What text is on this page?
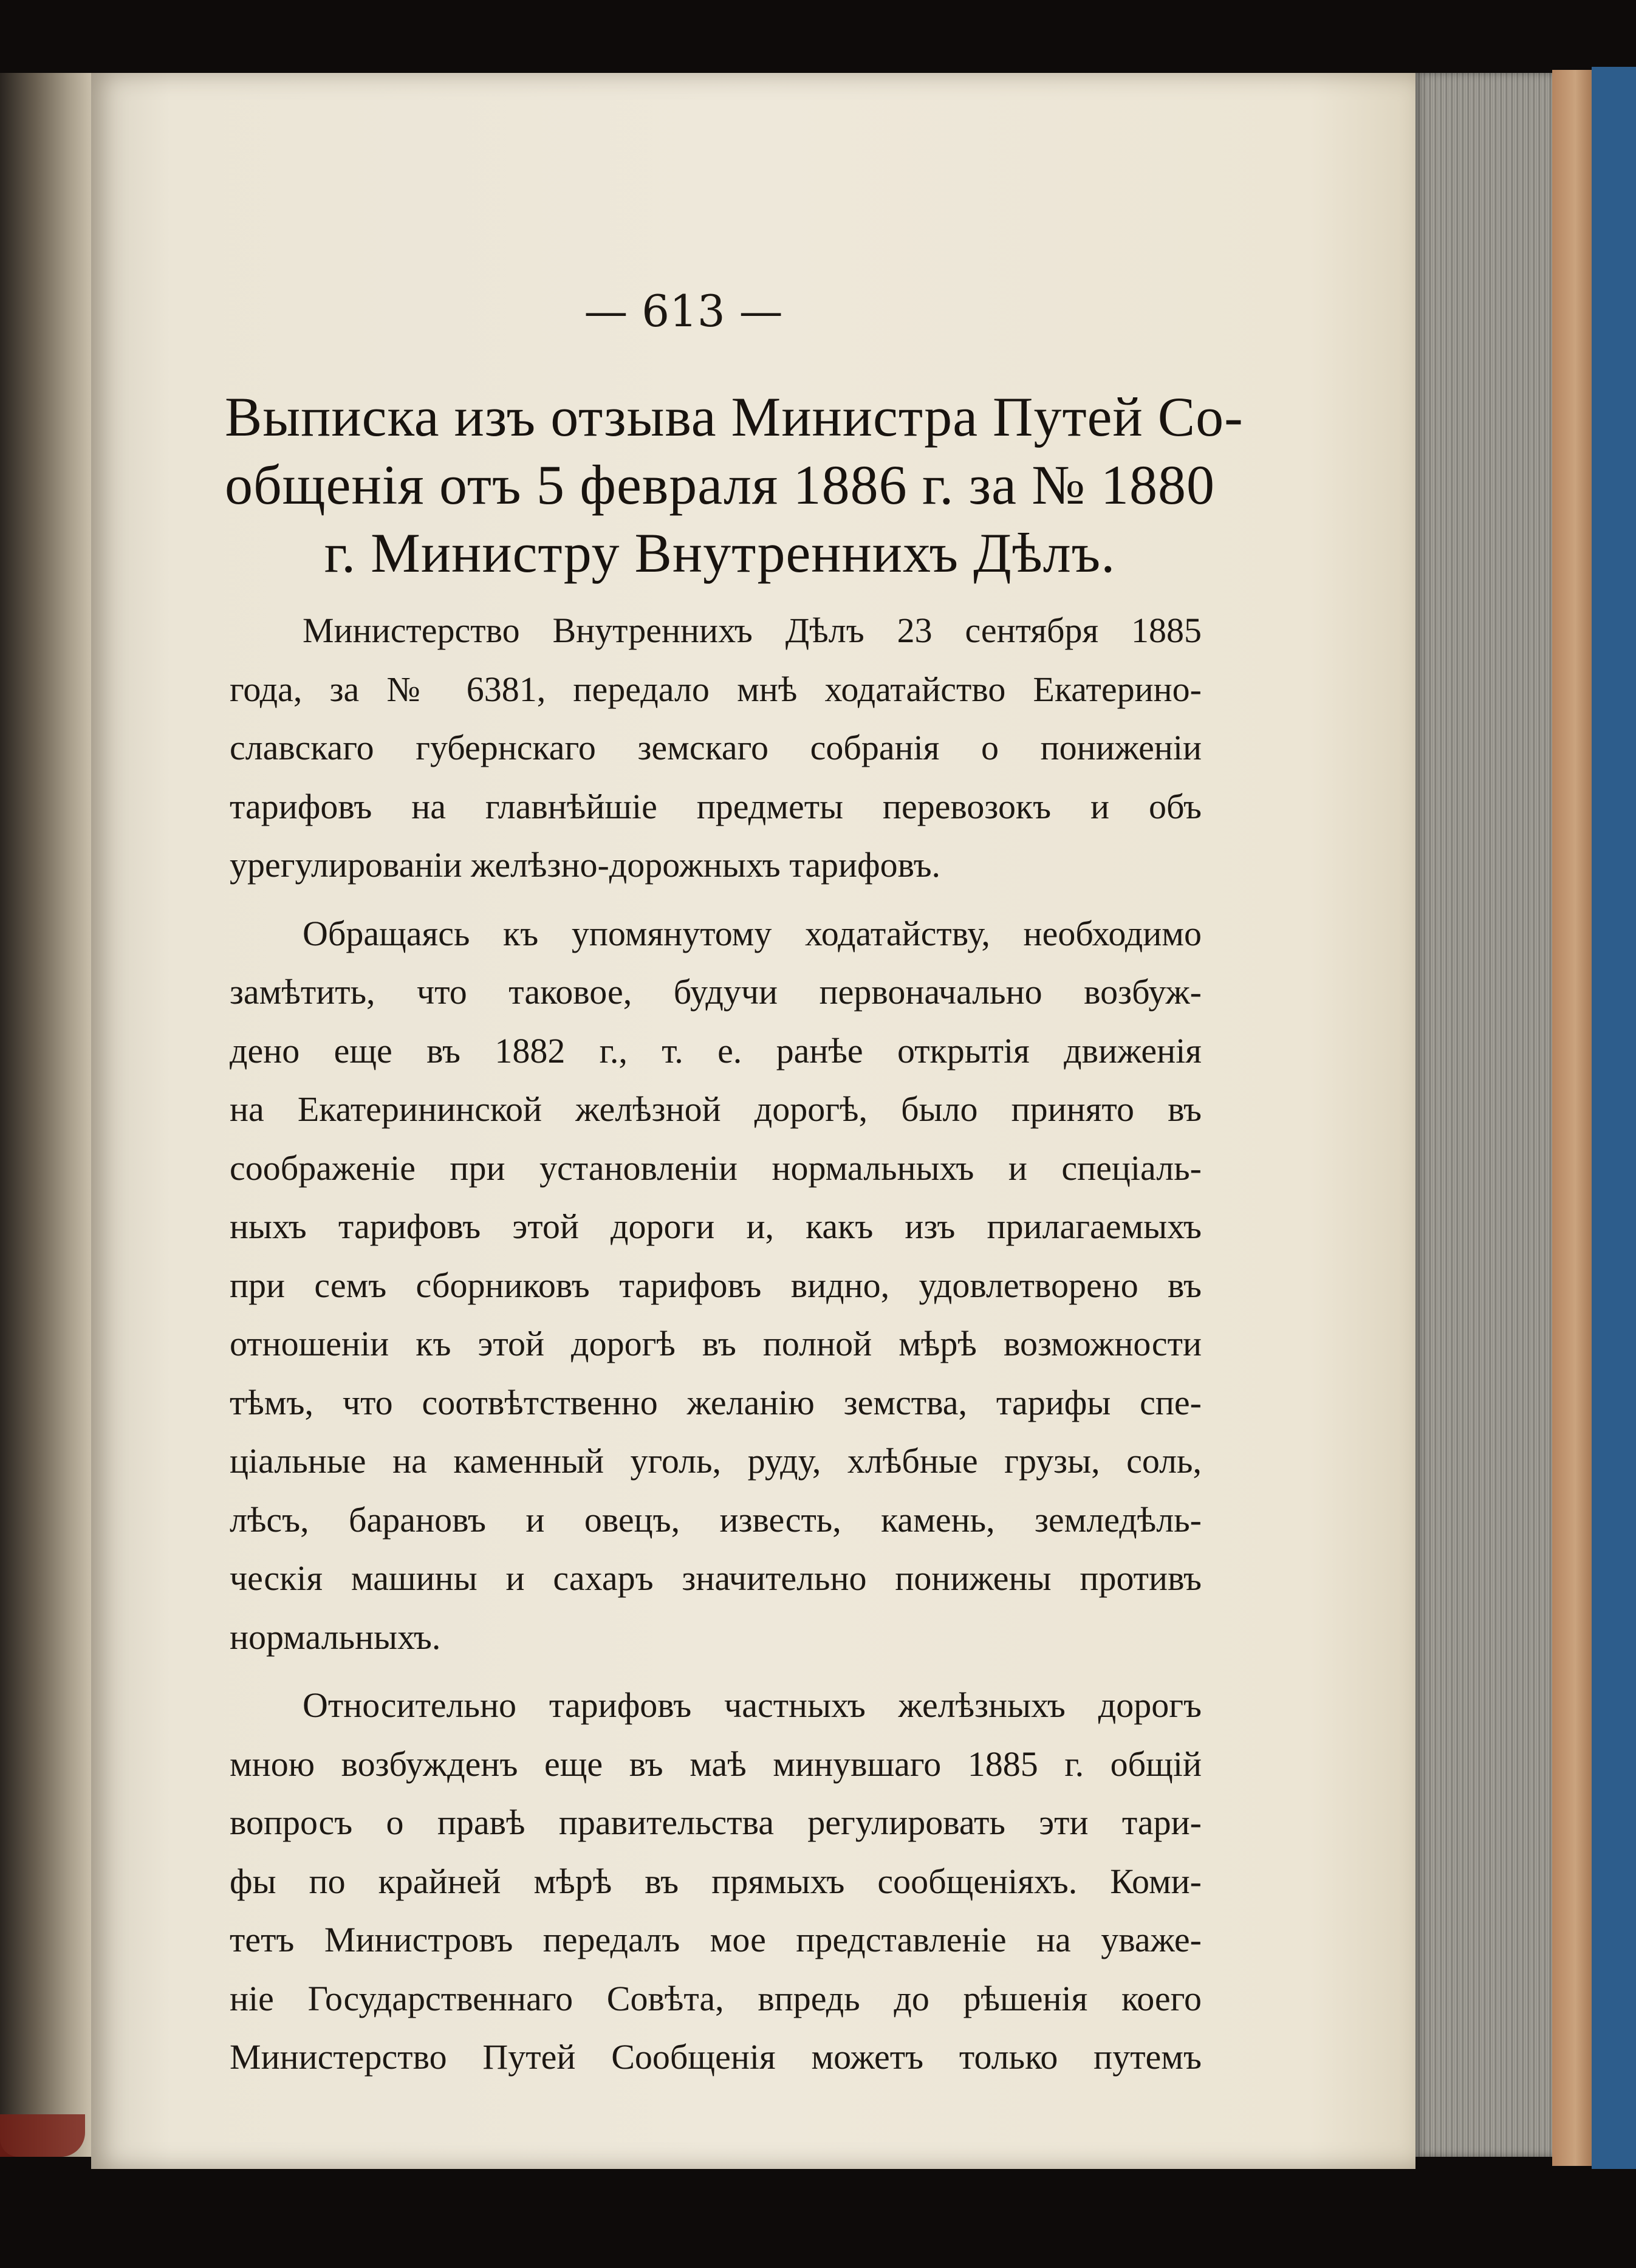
— 613 —
Выписка изъ отзыва Министра Путей Со-
общенія отъ 5 февраля 1886 г. за № 1880
г. Министру Внутреннихъ Дѣлъ.
Министерство Внутреннихъ Дѣлъ 23 сентября 1885
года, за № 6381, передало мнѣ ходатайство Екатерино-
славскаго губернскаго земскаго собранія о пониженіи
тарифовъ на главнѣйшіе предметы перевозокъ и объ
урегулированіи желѣзно-дорожныхъ тарифовъ.
Обращаясь къ упомянутому ходатайству, необходимо
замѣтить, что таковое, будучи первоначально возбуж-
дено еще въ 1882 г., т. е. ранѣе открытія движенія
на Екатерининской желѣзной дорогѣ, было принято въ
соображеніе при установленіи нормальныхъ и спеціаль-
ныхъ тарифовъ этой дороги и, какъ изъ прилагаемыхъ
при семъ сборниковъ тарифовъ видно, удовлетворено въ
отношеніи къ этой дорогѣ въ полной мѣрѣ возможности
тѣмъ, что соотвѣтственно желанію земства, тарифы спе-
ціальные на каменный уголь, руду, хлѣбные грузы, соль,
лѣсъ, барановъ и овецъ, известь, камень, земледѣль-
ческія машины и сахаръ значительно понижены противъ
нормальныхъ.
Относительно тарифовъ частныхъ желѣзныхъ дорогъ
мною возбужденъ еще въ маѣ минувшаго 1885 г. общій
вопросъ о правѣ правительства регулировать эти тари-
фы по крайней мѣрѣ въ прямыхъ сообщеніяхъ. Коми-
тетъ Министровъ передалъ мое представленіе на уваже-
ніе Государственнаго Совѣта, впредь до рѣшенія коего
Министерство Путей Сообщенія можетъ только путемъ
